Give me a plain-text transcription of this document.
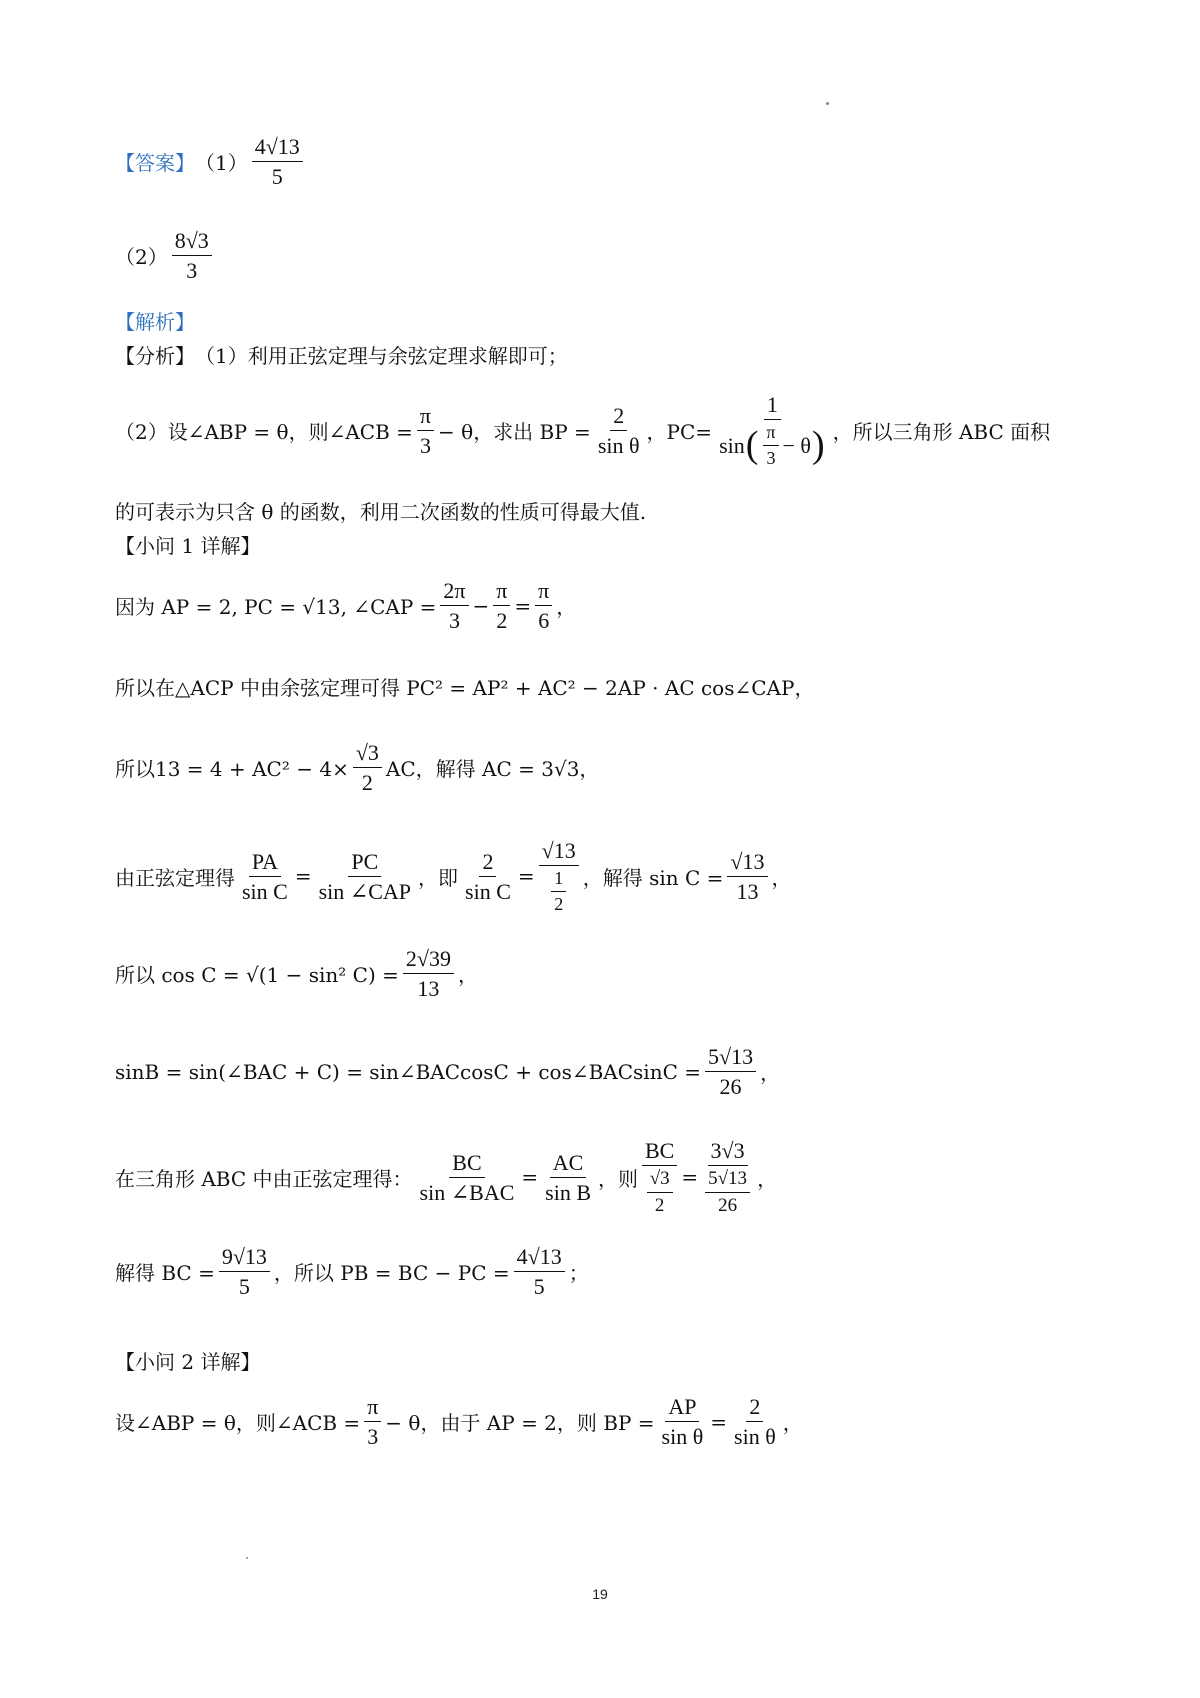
【答案】 $(1) \frac{4√13}{5}$
$(2) \frac{8√3}{3}$
【解析】
【分析】 （1）利用正弦定理与余弦定理求解即可；
（2）设∠ABP = θ，则∠ACB = $\frac{\pi}{3} - \theta$，求出 BP = $\frac{2}{\text{sin θ}}$ ，PC=
1
sin ( $\frac{\pi}{3} - \theta$ ) ，所以三角形 ABC 面积
的可表示为只含 θ 的函数，利用二次函数的性质可得最大值.
【小问 1 详解】
因为 AP = 2, PC = √13, ∠CAP = $\frac{2\pi}{3} - \frac{\pi}{2} = \frac{\pi}{6}$ ，
所以在△ACP 中由余弦定理可得 PC² = AP² + AC² − 2AP · AC cos∠CAP，
所以$13 = 4 + AC^2 - 4\times \frac{√3}{2}$ AC，解得 AC = 3√3，
由正弦定理得 $\frac{PA}{\text{sin C}} = \frac{PC}{\text{sin ∠CAP}}$ ，即 $\frac{2}{\text{sin C}} = \frac{√13}{\frac{1}{2}}$ ，解得 $\sin C = \frac{√13}{13}$ ，
所以 cos C = √(1 − sin² $C) = \frac{2√39}{13}$ ，
sinB = sin(∠BAC + C) = sin∠BACcosC + cos∠BACsinC = $\frac{5√13}{26}$ ，
在三角形 ABC 中由正弦定理得： $\frac{BC}{\text{sin ∠BAC}} = \frac{AC}{\text{sin B}}$ ，则 $\frac{BC}{\frac{√3}{2}} = \frac{3√3}{\frac{5√13}{26}}$ ，
解得 BC = $\frac{9√13}{5}$ ，所以 PB = BC − PC = $\frac{4√13}{5}$ ；
【小问 2 详解】
设∠ABP = θ，则∠ACB = $\frac{\pi}{3} - \theta$，由于 AP = 2，则 BP = $\frac{AP}{\text{sin θ}} = \frac{2}{\text{sin θ}}$ ，
19
